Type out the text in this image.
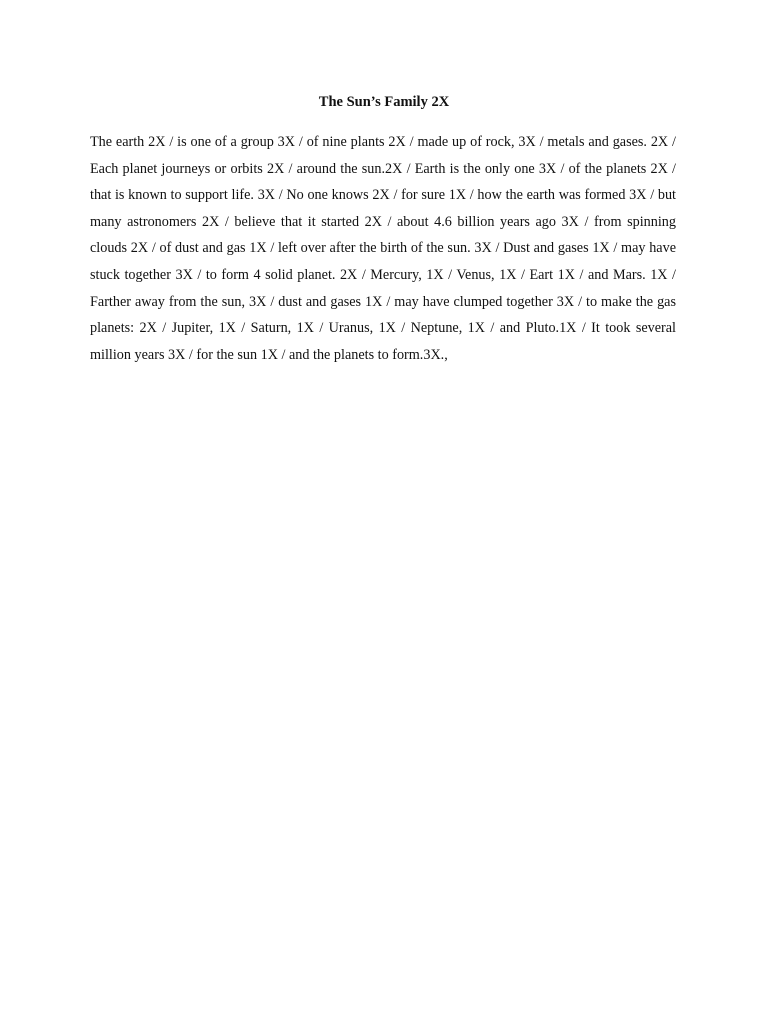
The Sun’s Family 2X

The earth 2X / is one of a group 3X / of nine plants 2X / made up of rock, 3X / metals and gases. 2X / Each planet journeys or orbits 2X / around the sun.2X / Earth is the only one 3X / of the planets 2X / that is known to support life. 3X / No one knows 2X / for sure 1X / how the earth was formed 3X / but many astronomers 2X / believe that it started 2X / about 4.6 billion years ago 3X / from spinning clouds 2X / of dust and gas 1X / left over after the birth of the sun. 3X / Dust and gases 1X / may have stuck together 3X / to form 4 solid planet. 2X / Mercury, 1X / Venus, 1X / Eart 1X / and Mars. 1X / Farther away from the sun, 3X / dust and gases 1X / may have clumped together 3X / to make the gas planets: 2X / Jupiter, 1X / Saturn, 1X / Uranus, 1X / Neptune, 1X / and Pluto.1X / It took several million years 3X / for the sun 1X / and the planets to form.3X.,
